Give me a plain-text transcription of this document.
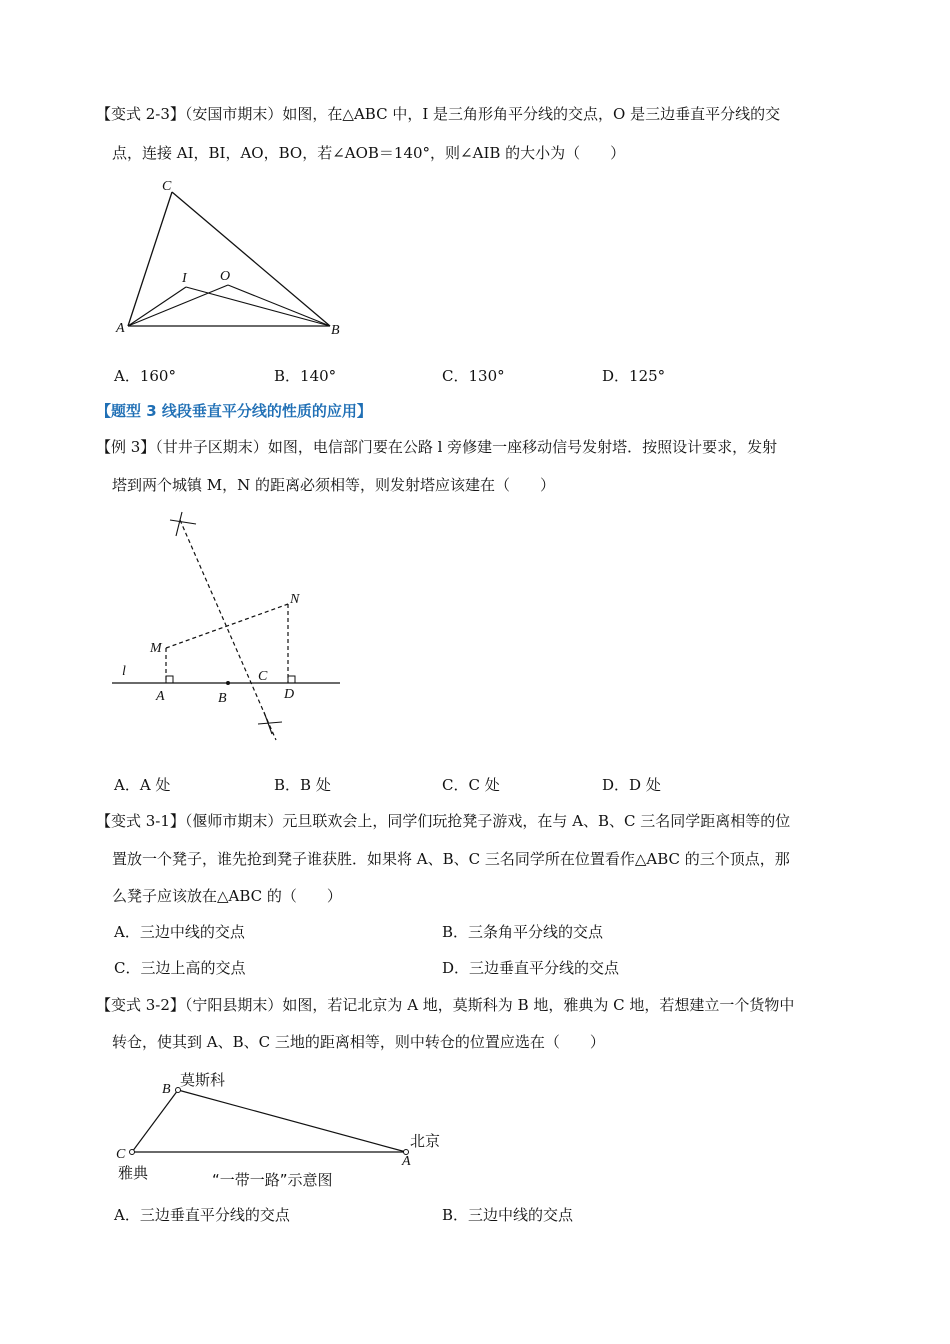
【变式 2-3】（安国市期末）如图，在△ABC 中，I 是三角形角平分线的交点，O 是三边垂直平分线的交
点，连接 AI，BI，AO，BO，若∠AOB＝140°，则∠AIB 的大小为（　　）
C
I O
A	B
A．160°	B．140°	C．130°	D．125°
【题型 3 线段垂直平分线的性质的应用】
【例 3】（甘井子区期末）如图，电信部门要在公路 l 旁修建一座移动信号发射塔．按照设计要求，发射
塔到两个城镇 M，N 的距离必须相等，则发射塔应该建在（　　）
l
M
N
A	B
C
D
A．A 处	B．B 处	C．C 处	D．D 处
【变式 3-1】（偃师市期末）元旦联欢会上，同学们玩抢凳子游戏，在与 A、B、C 三名同学距离相等的位
置放一个凳子，谁先抢到凳子谁获胜．如果将 A、B、C 三名同学所在位置看作△ABC 的三个顶点，那
么凳子应该放在△ABC 的（　　）
A．三边中线的交点	B．三条角平分线的交点
C．三边上高的交点	D．三边垂直平分线的交点
【变式 3-2】（宁阳县期末）如图，若记北京为 A 地，莫斯科为 B 地，雅典为 C 地，若想建立一个货物中
转仓，使其到 A、B、C 三地的距离相等，则中转仓的位置应选在（　　）
B
莫斯科
C
雅典
北京
A
“一带一路”示意图
A．三边垂直平分线的交点	B．三边中线的交点
